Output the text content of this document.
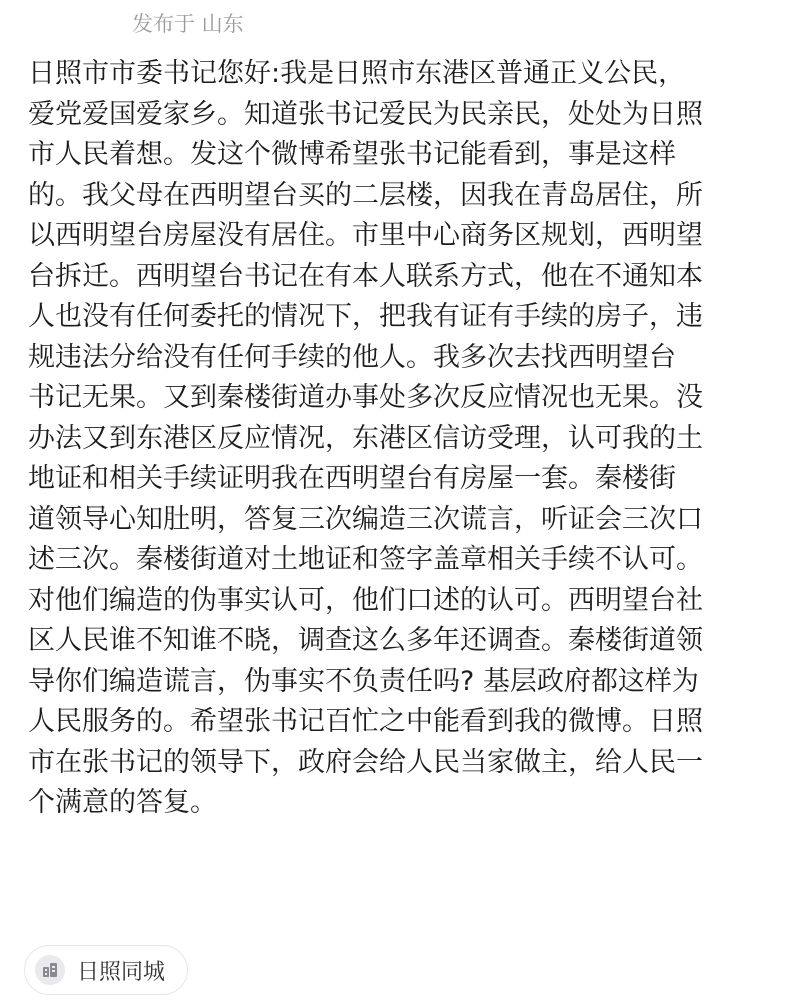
发布于 山东
日照市市委书记您好:我是日照市东港区普通正义公民，
爱党爱国爱家乡。知道张书记爱民为民亲民，处处为日照
市人民着想。发这个微博希望张书记能看到，事是这样
的。我父母在西明望台买的二层楼，因我在青岛居住，所
以西明望台房屋没有居住。市里中心商务区规划，西明望
台拆迁。西明望台书记在有本人联系方式，他在不通知本
人也没有任何委托的情况下，把我有证有手续的房子，违
规违法分给没有任何手续的他人。我多次去找西明望台
书记无果。又到秦楼街道办事处多次反应情况也无果。没
办法又到东港区反应情况，东港区信访受理，认可我的土
地证和相关手续证明我在西明望台有房屋一套。秦楼街
道领导心知肚明，答复三次编造三次谎言，听证会三次口
述三次。秦楼街道对土地证和签字盖章相关手续不认可。
对他们编造的伪事实认可，他们口述的认可。西明望台社
区人民谁不知谁不晓，调查这么多年还调查。秦楼街道领
导你们编造谎言，伪事实不负责任吗? 基层政府都这样为
人民服务的。希望张书记百忙之中能看到我的微博。日照
市在张书记的领导下，政府会给人民当家做主，给人民一
个满意的答复。
日照同城
